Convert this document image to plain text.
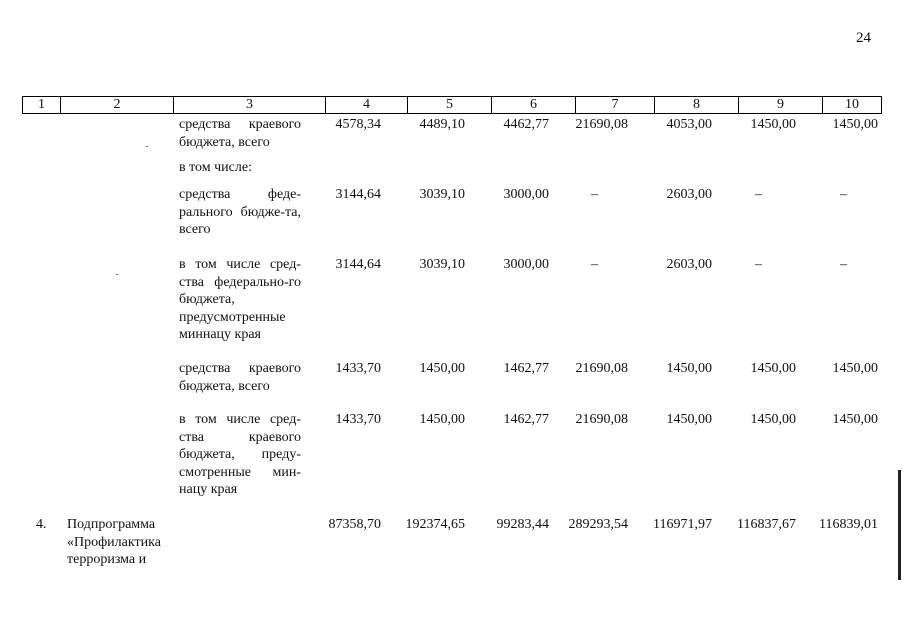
24
1	2	3	4	5	6	7	8	9	10
средства краевого бюджета, всего
4578,34	4489,10	4462,77 21690,08	4053,00	1450,00	1450,00
в том числе:
средства феде-рального бюдже-та, всего
3144,64	3039,10	3000,00	–	2603,00	–	–
в том числе сред-ства федерально-го бюджета, предусмотренные миннацу края
3144,64	3039,10	3000,00	–	2603,00	–	–
средства краевого бюджета, всего
1433,70	1450,00	1462,77 21690,08	1450,00	1450,00	1450,00
в том числе сред-ства краевого бюджета, преду-смотренные мин-нацу края
1433,70	1450,00	1462,77 21690,08	1450,00	1450,00	1450,00
4. Подпрограмма «Профилактика терроризма и
87358,70 192374,65 99283,44 289293,54 116971,97 116837,67 116839,01
